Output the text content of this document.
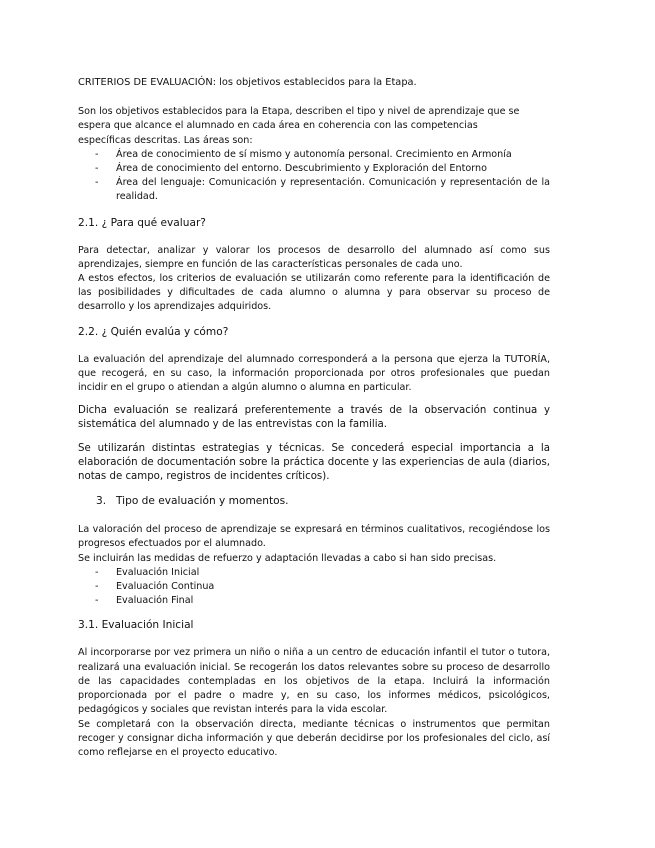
CRITERIOS DE EVALUACIÓN: los objetivos establecidos para la Etapa.

Son los objetivos establecidos para la Etapa, describen el tipo y nivel de aprendizaje que se espera que alcance el alumnado en cada área en coherencia con las competencias específicas descritas. Las áreas son:

- Área de conocimiento de sí mismo y autonomía personal. Crecimiento en Armonía
- Área de conocimiento del entorno. Descubrimiento y Exploración del Entorno
- Área del lenguaje: Comunicación y representación. Comunicación y representación de la realidad.

2.1. ¿ Para qué evaluar?

Para detectar, analizar y valorar los procesos de desarrollo del alumnado así como sus aprendizajes, siempre en función de las características personales de cada uno.

A estos efectos, los criterios de evaluación se utilizarán como referente para la identificación de las posibilidades y dificultades de cada alumno o alumna y para observar su proceso de desarrollo y los aprendizajes adquiridos.

2.2. ¿ Quién evalúa y cómo?

La evaluación del aprendizaje del alumnado corresponderá a la persona que ejerza la TUTORÍA, que recogerá, en su caso, la información proporcionada por otros profesionales que puedan incidir en el grupo o atiendan a algún alumno o alumna en particular.

Dicha evaluación se realizará preferentemente a través de la observación continua y sistemática del alumnado y de las entrevistas con la familia.

Se utilizarán distintas estrategias y técnicas. Se concederá especial importancia a la elaboración de documentación sobre la práctica docente y las experiencias de aula (diarios, notas de campo, registros de incidentes críticos).

3. Tipo de evaluación y momentos.

La valoración del proceso de aprendizaje se expresará en términos cualitativos, recogiéndose los progresos efectuados por el alumnado.

Se incluirán las medidas de refuerzo y adaptación llevadas a cabo si han sido precisas.

- Evaluación Inicial
- Evaluación Continua
- Evaluación Final

3.1. Evaluación Inicial

Al incorporarse por vez primera un niño o niña a un centro de educación infantil el tutor o tutora, realizará una evaluación inicial. Se recogerán los datos relevantes sobre su proceso de desarrollo de las capacidades contempladas en los objetivos de la etapa. Incluirá la información proporcionada por el padre o madre y, en su caso, los informes médicos, psicológicos, pedagógicos y sociales que revistan interés para la vida escolar.

Se completará con la observación directa, mediante técnicas o instrumentos que permitan recoger y consignar dicha información y que deberán decidirse por los profesionales del ciclo, así como reflejarse en el proyecto educativo.
